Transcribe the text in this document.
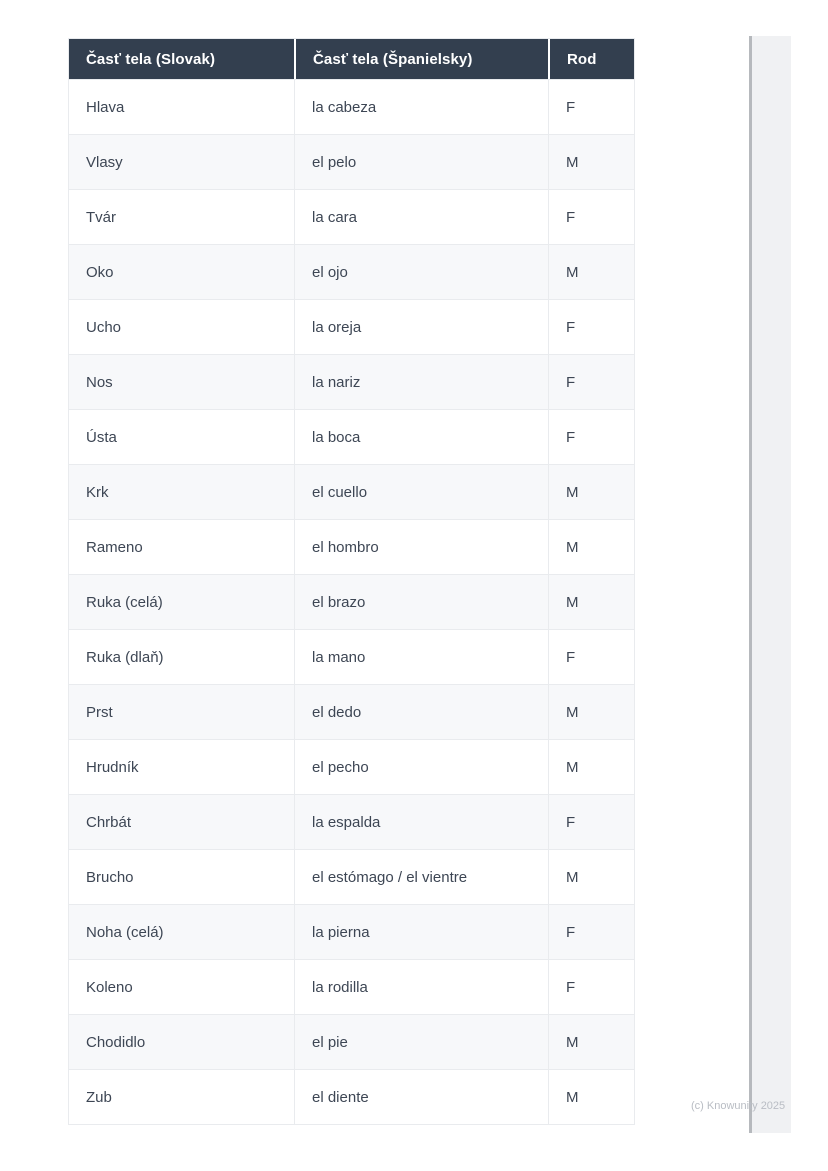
Časť tela (Slovak)	Časť tela (Španielsky)	Rod
Hlava	la cabeza	F
Vlasy	el pelo	M
Tvár	la cara	F
Oko	el ojo	M
Ucho	la oreja	F
Nos	la nariz	F
Ústa	la boca	F
Krk	el cuello	M
Rameno	el hombro	M
Ruka (celá)	el brazo	M
Ruka (dlaň)	la mano	F
Prst	el dedo	M
Hrudník	el pecho	M
Chrbát	la espalda	F
Brucho	el estómago / el vientre	M
Noha (celá)	la pierna	F
Koleno	la rodilla	F
Chodidlo	el pie	M
Zub	el diente	M
(c) Knowunity 2025
